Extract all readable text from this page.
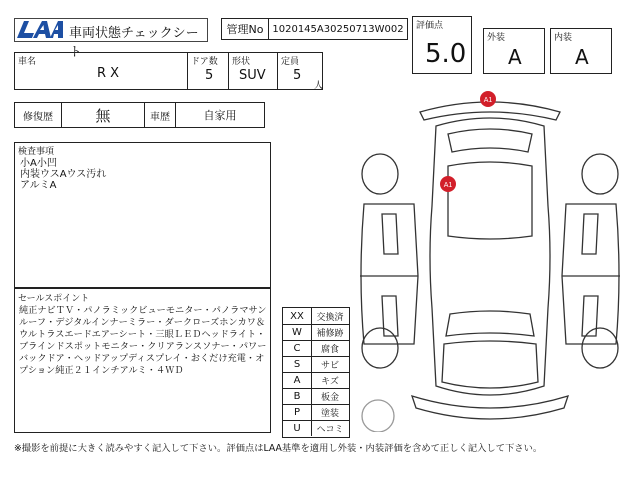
車両状態チェックシート
管理No 1020145A30250713W002 評価点
5.0
外装
A
内装
A
車名
R X
ドア数
5
形状
SUV
定員
5
人
修復歴	無	車歴	自家用
検査事項
小A小凹
内装ウスAウス汚れ
アルミA
セールスポイント
純正ナビＴＶ・パノラミックビューモニター・パノラマサンルーフ・デジタルインナーミラー・ダークローズホンカワ＆ウルトラスエードエアーシート・三眼ＬＥＤヘッドライト・ブラインドスポットモニター・クリアランスソナー・パワーバックドア・ヘッドアップディスプレイ・おくだけ充電・オプション純正２１インチアルミ・４ＷＤ
XX	交換済
W	補修跡
C	腐食
S	サビ
A	キズ
B	板金
P	塗装
U	ヘコミ
A1
A1
※撮影を前提に大きく読みやすく記入して下さい。評価点はLAA基準を適用し外装・内装評価を含めて正しく記入して下さい。
